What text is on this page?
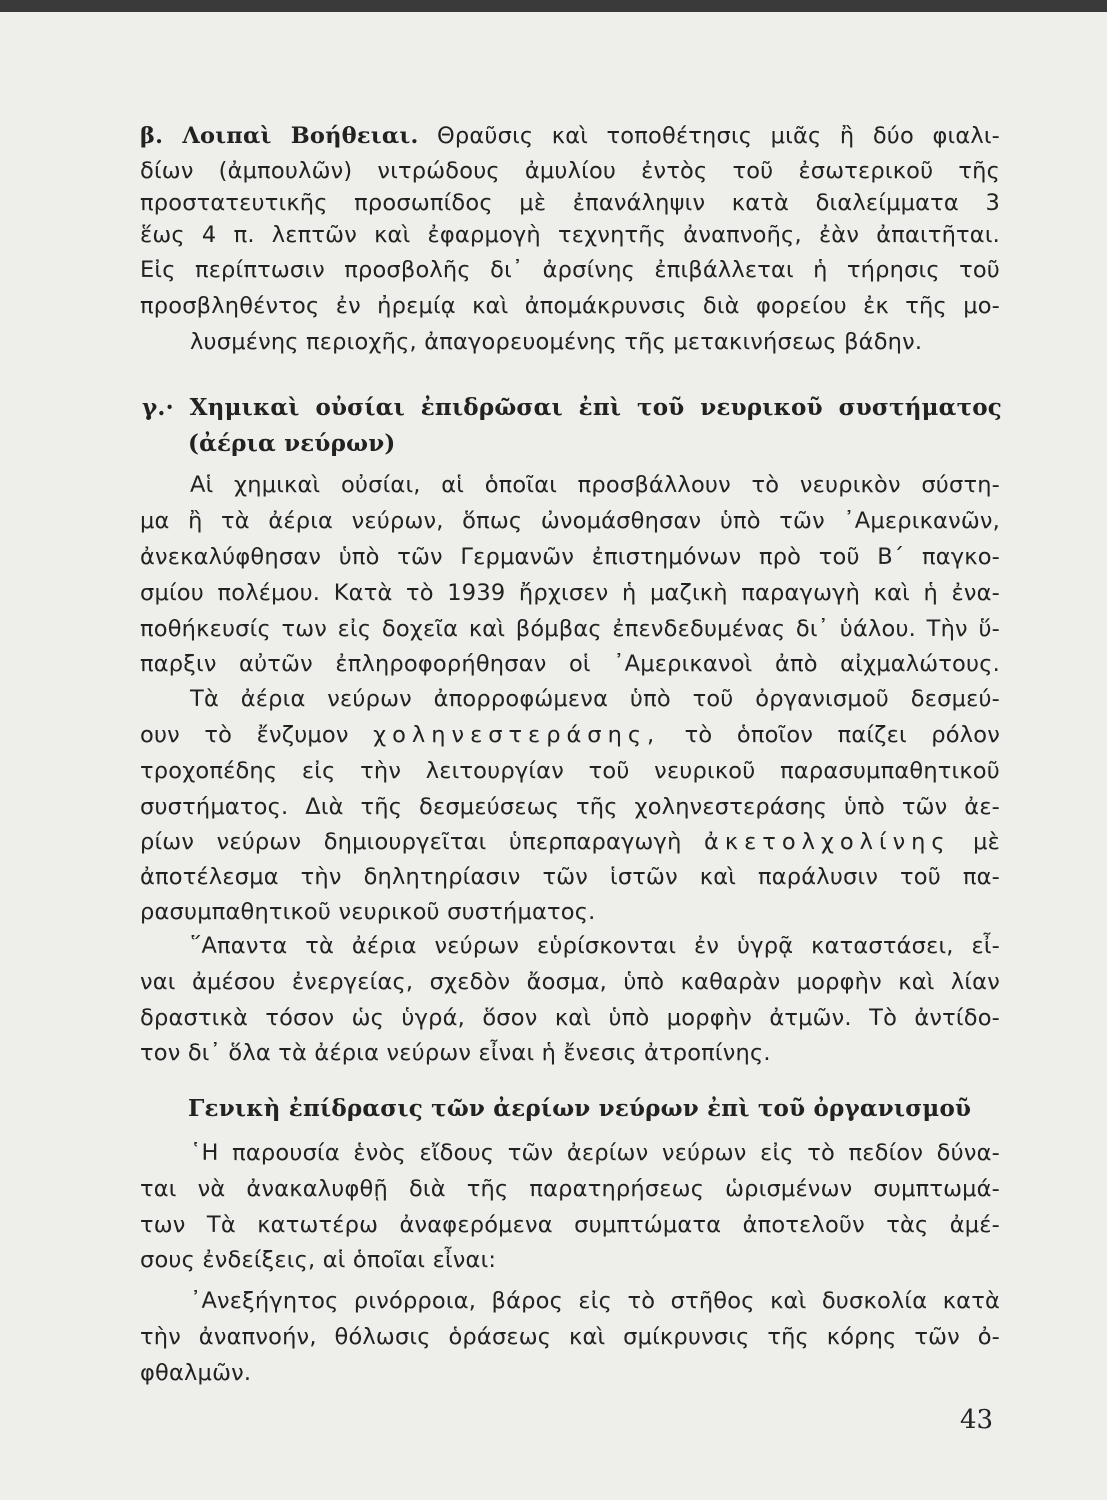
β. Λοιπαὶ Βοήθειαι. Θραῦσις καὶ τοποθέτησις μιᾶς ἢ δύο φιαλι-
δίων (ἀμπουλῶν) νιτρώδους ἀμυλίου ἐντὸς τοῦ ἐσωτερικοῦ τῆς
προστατευτικῆς προσωπίδος μὲ ἐπανάληψιν κατὰ διαλείμματα 3
ἕως 4 π. λεπτῶν καὶ ἐφαρμογὴ τεχνητῆς ἀναπνοῆς, ἐὰν ἀπαιτῆται.
Εἰς περίπτωσιν προσβολῆς δι᾽ ἀρσίνης ἐπιβάλλεται ἡ τήρησις τοῦ
προσβληθέντος ἐν ἠρεμίᾳ καὶ ἀπομάκρυνσις διὰ φορείου ἐκ τῆς μο-
λυσμένης περιοχῆς, ἀπαγορευομένης τῆς μετακινήσεως βάδην.
γ.· Χημικαὶ οὐσίαι ἐπιδρῶσαι ἐπὶ τοῦ νευρικοῦ συστήματος
(ἀέρια νεύρων)
Αἱ χημικαὶ οὐσίαι, αἱ ὁποῖαι προσβάλλουν τὸ νευρικὸν σύστη-
μα ἢ τὰ ἀέρια νεύρων, ὅπως ὠνομάσθησαν ὑπὸ τῶν ᾿Αμερικανῶν,
ἀνεκαλύφθησαν ὑπὸ τῶν Γερμανῶν ἐπιστημόνων πρὸ τοῦ Β΄ παγκο-
σμίου πολέμου. Κατὰ τὸ 1939 ἤρχισεν ἡ μαζικὴ παραγωγὴ καὶ ἡ ἐνα-
ποθήκευσίς των εἰς δοχεῖα καὶ βόμβας ἐπενδεδυμένας δι᾽ ὑάλου. Τὴν ὕ-
παρξιν αὐτῶν ἐπληροφορήθησαν οἱ ᾿Αμερικανοὶ ἀπὸ αἰχμαλώτους.
Τὰ ἀέρια νεύρων ἀπορροφώμενα ὑπὸ τοῦ ὀργανισμοῦ δεσμεύ-
ουν τὸ ἔνζυμον χοληνεστεράσης, τὸ ὁποῖον παίζει ρόλον
τροχοπέδης εἰς τὴν λειτουργίαν τοῦ νευρικοῦ παρασυμπαθητικοῦ
συστήματος. Διὰ τῆς δεσμεύσεως τῆς χοληνεστεράσης ὑπὸ τῶν ἀε-
ρίων νεύρων δημιουργεῖται ὑπερπαραγωγὴ ἀκετολχολίνης μὲ
ἀποτέλεσμα τὴν δηλητηρίασιν τῶν ἱστῶν καὶ παράλυσιν τοῦ πα-
ρασυμπαθητικοῦ νευρικοῦ συστήματος.
῞Απαντα τὰ ἀέρια νεύρων εὑρίσκονται ἐν ὑγρᾷ καταστάσει, εἶ-
ναι ἀμέσου ἐνεργείας, σχεδὸν ἄοσμα, ὑπὸ καθαρὰν μορφὴν καὶ λίαν
δραστικὰ τόσον ὡς ὑγρά, ὅσον καὶ ὑπὸ μορφὴν ἀτμῶν. Τὸ ἀντίδο-
τον δι᾽ ὅλα τὰ ἀέρια νεύρων εἶναι ἡ ἔνεσις ἀτροπίνης.
Γενικὴ ἐπίδρασις τῶν ἀερίων νεύρων ἐπὶ τοῦ ὀργανισμοῦ
῾Η παρουσία ἑνὸς εἴδους τῶν ἀερίων νεύρων εἰς τὸ πεδίον δύνα-
ται νὰ ἀνακαλυφθῇ διὰ τῆς παρατηρήσεως ὡρισμένων συμπτωμά-
των Τὰ κατωτέρω ἀναφερόμενα συμπτώματα ἀποτελοῦν τὰς ἀμέ-
σους ἐνδείξεις, αἱ ὁποῖαι εἶναι:
᾿Ανεξήγητος ρινόρροια, βάρος εἰς τὸ στῆθος καὶ δυσκολία κατὰ
τὴν ἀναπνοήν, θόλωσις ὁράσεως καὶ σμίκρυνσις τῆς κόρης τῶν ὀ-
φθαλμῶν.
43
